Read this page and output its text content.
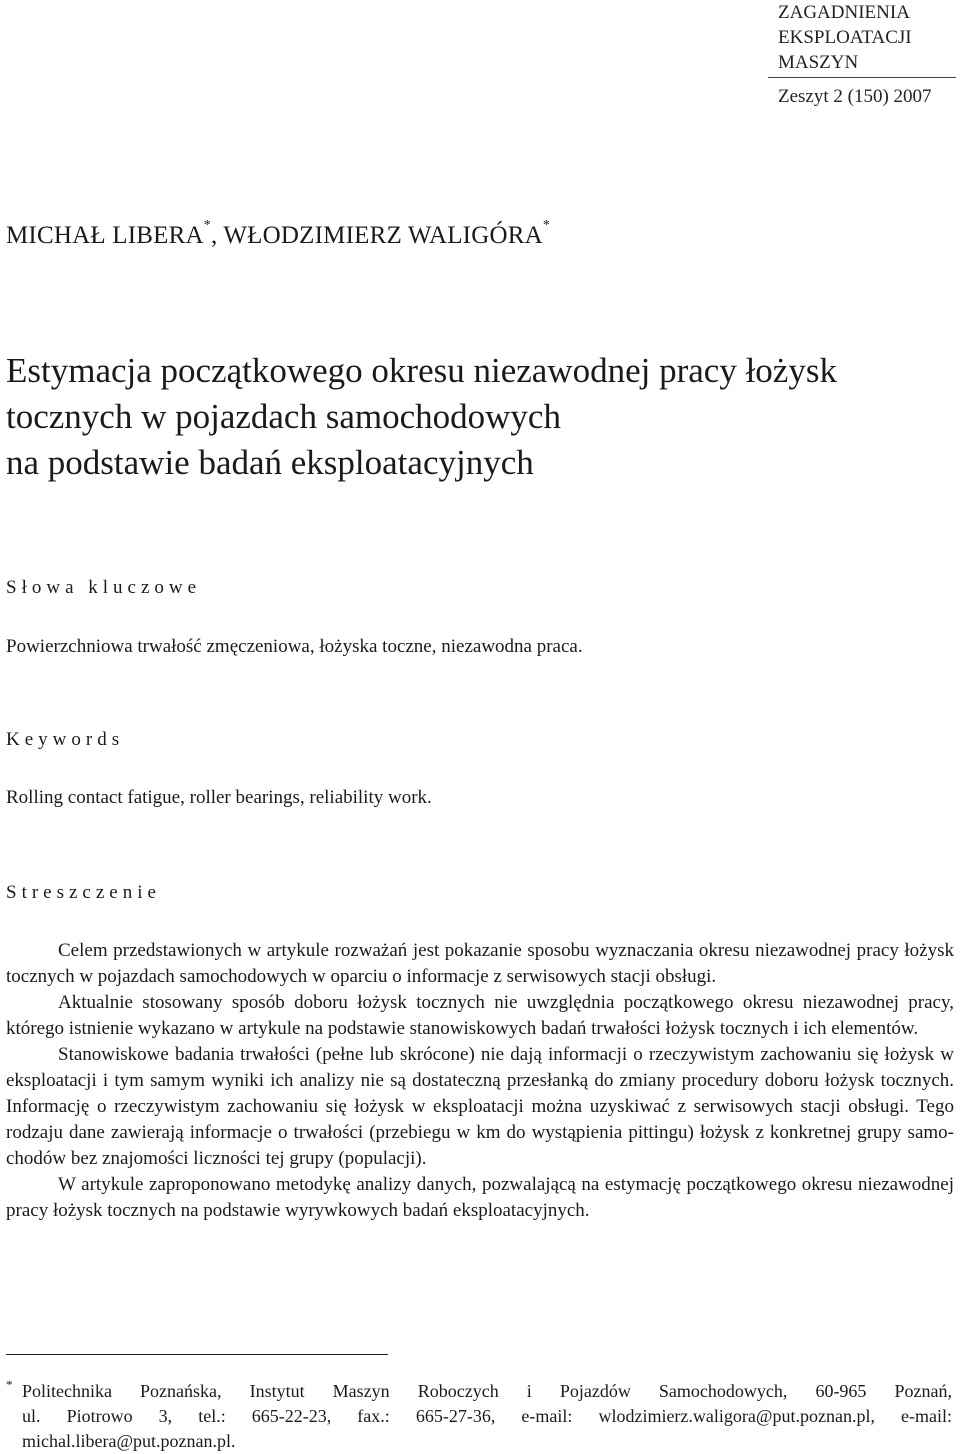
ZAGADNIENIA
EKSPLOATACJI
MASZYN
Zeszyt 2 (150) 2007
MICHAŁ LIBERA*, WŁODZIMIERZ WALIGÓRA*
Estymacja początkowego okresu niezawodnej pracy łożysk
tocznych w pojazdach samochodowych
na podstawie badań eksploatacyjnych
Słowa kluczowe
Powierzchniowa trwałość zmęczeniowa, łożyska toczne, niezawodna praca.
Keywords
Rolling contact fatigue, roller bearings, reliability work.
Streszczenie

Celem przedstawionych w artykule rozważań jest pokazanie sposobu wyznaczania okresu niezawodnej pracy łożysk tocznych w pojazdach samochodowych w oparciu o informacje z serwisowych stacji obsługi.

Aktualnie stosowany sposób doboru łożysk tocznych nie uwzględnia początkowego okresu niezawodnej pracy, którego istnienie wykazano w artykule na podstawie stanowiskowych badań trwałości łożysk tocznych i ich elementów.

Stanowiskowe badania trwałości (pełne lub skrócone) nie dają informacji o rzeczywistym zachowaniu się łożysk w eksploatacji i tym samym wyniki ich analizy nie są dostateczną przesłanką do zmiany procedury doboru łożysk tocznych. Informację o rzeczywistym zachowaniu się łożysk w eksploatacji można uzyskiwać z serwisowych stacji obsługi. Tego rodzaju dane zawierają informacje o trwałości (przebiegu w km do wystąpienia pittingu) łożysk z konkretnej grupy samochodów bez znajomości liczności tej grupy (populacji).

W artykule zaproponowano metodykę analizy danych, pozwalającą na estymację początkowego okresu niezawodnej pracy łożysk tocznych na podstawie wyrywkowych badań eksploatacyjnych.

* Politechnika Poznańska, Instytut Maszyn Roboczych i Pojazdów Samochodowych, 60-965 Poznań,
ul. Piotrowo 3, tel.: 665-22-23, fax.: 665-27-36, e-mail: wlodzimierz.waligora@put.poznan.pl, e-mail:
michal.libera@put.poznan.pl.
